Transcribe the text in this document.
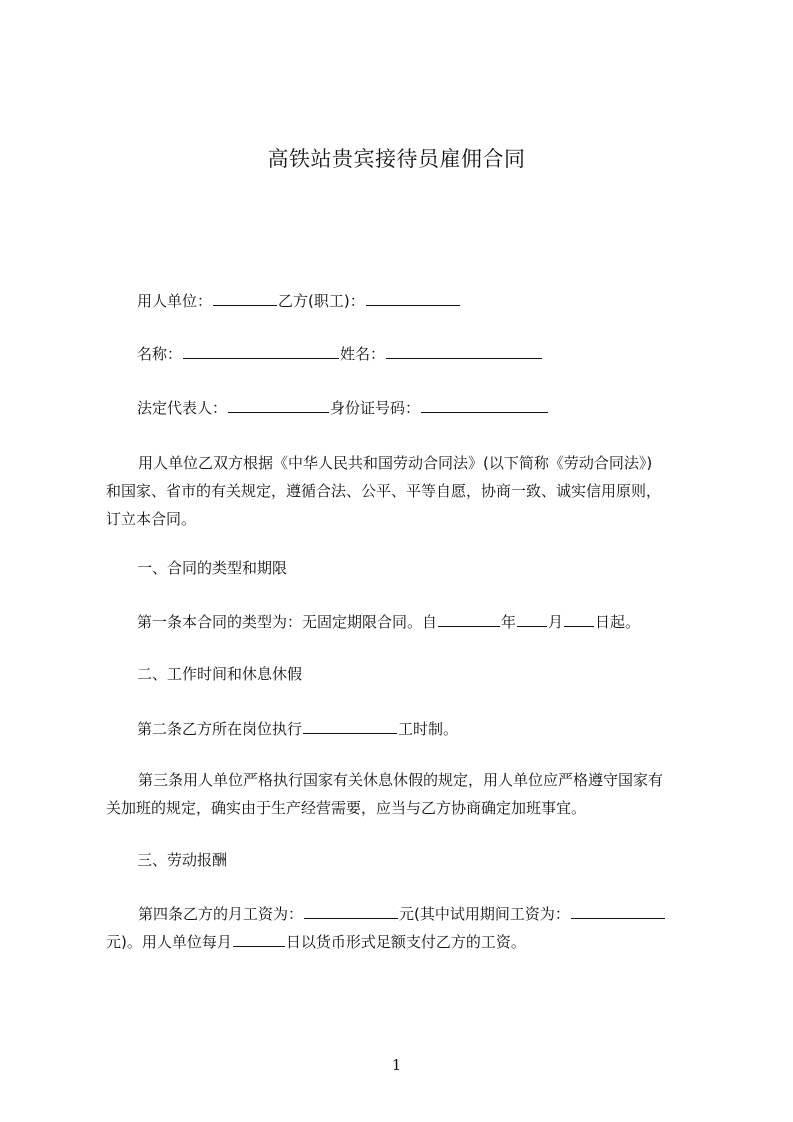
高铁站贵宾接待员雇佣合同
用人单位：	乙方(职工)：
名称：	姓名：
法定代表人：	身份证号码：
用人单位乙双方根据《中华人民共和国劳动合同法》(以下简称《劳动合同法》)
和国家、省市的有关规定，遵循合法、公平、平等自愿，协商一致、诚实信用原则，
订立本合同。
一、合同的类型和期限
第一条本合同的类型为：无固定期限合同。自	年 月 日起。
二、工作时间和休息休假
第二条乙方所在岗位执行	工时制。
第三条用人单位严格执行国家有关休息休假的规定，用人单位应严格遵守国家有
关加班的规定，确实由于生产经营需要，应当与乙方协商确定加班事宜。
三、劳动报酬
第四条乙方的月工资为：	元(其中试用期间工资为：
元)。用人单位每月	日以货币形式足额支付乙方的工资。
1
